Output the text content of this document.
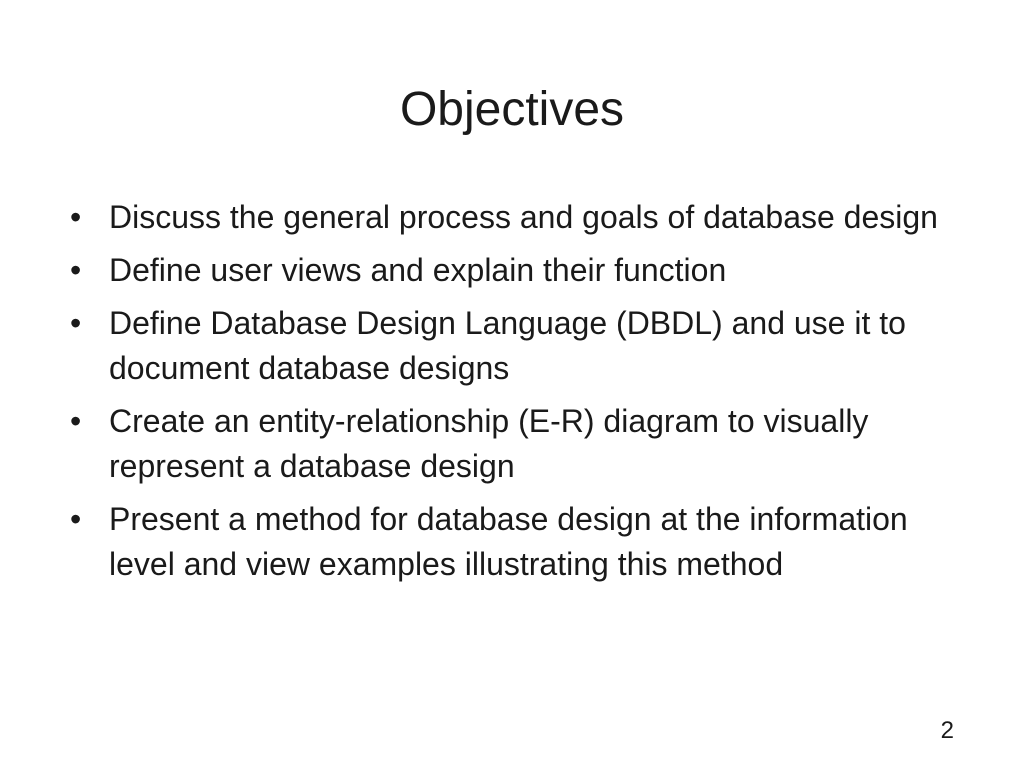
Objectives
• Discuss the general process and goals of database design
• Define user views and explain their function
• Define Database Design Language (DBDL) and use it to document database designs
• Create an entity-relationship (E-R) diagram to visually represent a database design
• Present a method for database design at the information level and view examples illustrating this method
2
